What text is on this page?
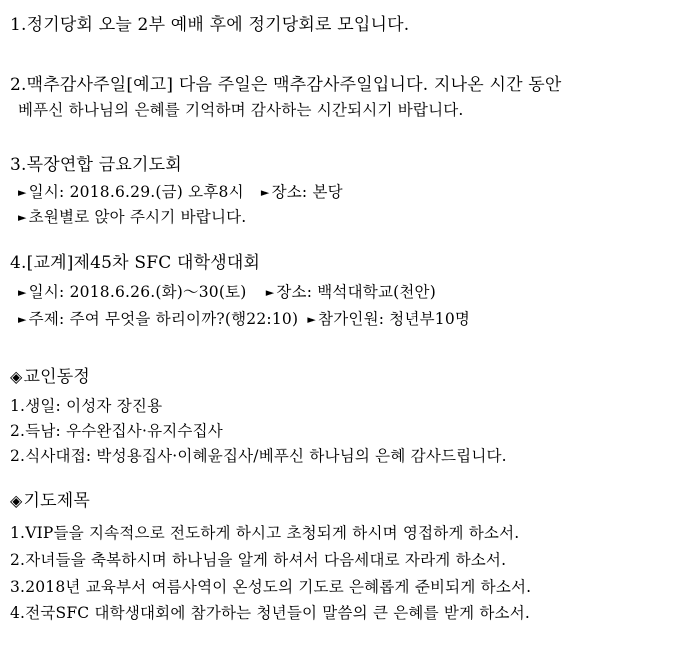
1.정기당회 오늘 2부 예배 후에 정기당회로 모입니다.
2.맥추감사주일[예고] 다음 주일은 맥추감사주일입니다. 지나온 시간 동안
베푸신 하나님의 은혜를 기억하며 감사하는 시간되시기 바랍니다.
3.목장연합 금요기도회
► 일시: 2018.6.29.(금) 오후8시 ► 장소: 본당
► 초원별로 앉아 주시기 바랍니다.
4.[교계]제45차 SFC 대학생대회
► 일시: 2018.6.26.(화)～30(토) ► 장소: 백석대학교(천안)
► 주제: 주여 무엇을 하리이까?(행22:10) ► 참가인원: 청년부10명
◈교인동정
1.생일: 이성자 장진용
2.득남: 우수완집사·유지수집사
2.식사대접: 박성용집사·이혜윤집사/베푸신 하나님의 은혜 감사드립니다.
◈기도제목
1.VIP들을 지속적으로 전도하게 하시고 초청되게 하시며 영접하게 하소서.
2.자녀들을 축복하시며 하나님을 알게 하셔서 다음세대로 자라게 하소서.
3.2018년 교육부서 여름사역이 온성도의 기도로 은혜롭게 준비되게 하소서.
4.전국SFC 대학생대회에 참가하는 청년들이 말씀의 큰 은혜를 받게 하소서.
